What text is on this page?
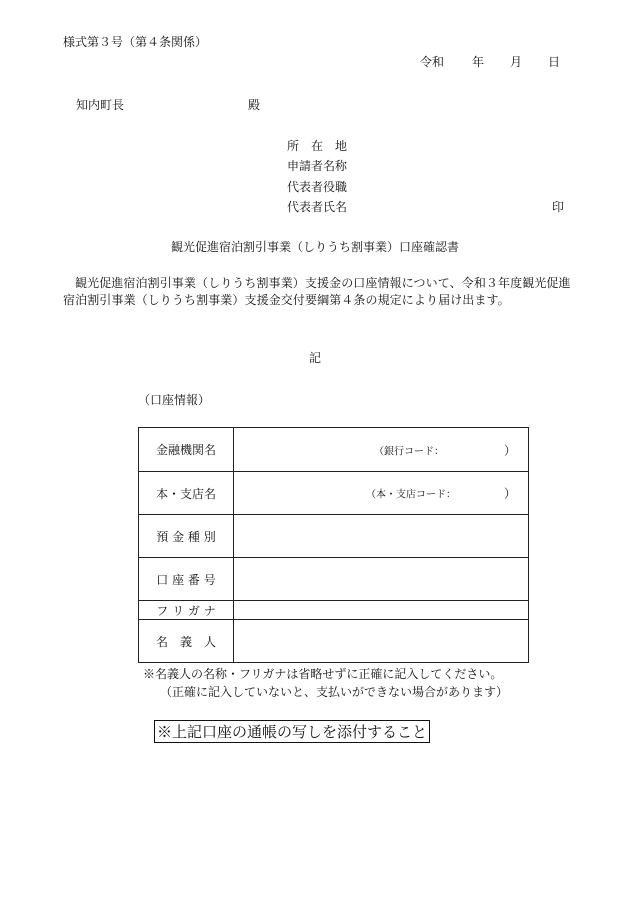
様式第３号（第４条関係）
令和 年 月 日
知内町長	殿
所　在　地
申請者名称
代表者役職
代表者氏名	印
観光促進宿泊割引事業（しりうち割事業）口座確認書
観光促進宿泊割引事業（しりうち割事業）支援金の口座情報について、令和３年度観光促進宿泊割引事業（しりうち割事業）支援金交付要綱第４条の規定により届け出ます。
記
（口座情報）
金融機関名	（銀行コード： ）

本・支店名	（本・支店コード： ）

預 金 種 別	
口 座 番 号	
フ リ ガ ナ	
名　義　人	
※名義人の名称・フリガナは省略せずに正確に記入してください。
（正確に記入していないと、支払いができない場合があります）
※上記口座の通帳の写しを添付すること
